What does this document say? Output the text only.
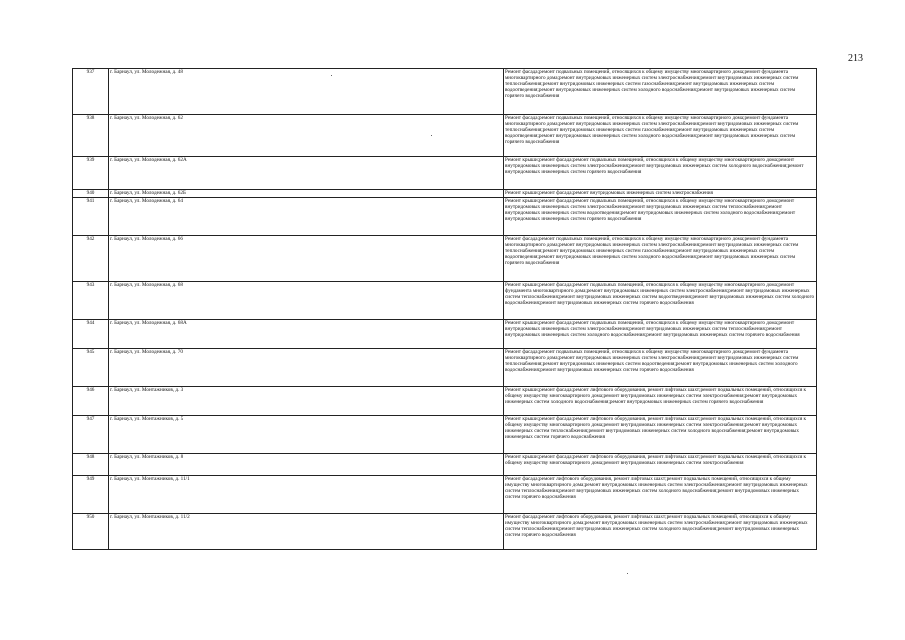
213
937	г. Барнаул, ул. Молодежная, д. 48	Ремонт фасада;ремонт подвальных помещений, относящихся к общему имуществу многоквартирного дома;ремонт фундамента многоквартирного дома;ремонт внутридомовых инженерных систем электроснабжения;ремонт внутридомовых инженерных систем теплоснабжения;ремонт внутридомовых инженерных систем газоснабжения;ремонт внутридомовых инженерных систем водоотведения;ремонт внутридомовых инженерных систем холодного водоснабжения;ремонт внутридомовых инженерных систем горячего водоснабжения
938	г. Барнаул, ул. Молодежная, д. 62	Ремонт фасада;ремонт подвальных помещений, относящихся к общему имуществу многоквартирного дома;ремонт фундамента многоквартирного дома;ремонт внутридомовых инженерных систем электроснабжения;ремонт внутридомовых инженерных систем теплоснабжения;ремонт внутридомовых инженерных систем газоснабжения;ремонт внутридомовых инженерных систем водоотведения;ремонт внутридомовых инженерных систем холодного водоснабжения;ремонт внутридомовых инженерных систем горячего водоснабжения
939	г. Барнаул, ул. Молодежная, д. 62А	Ремонт крыши;ремонт фасада;ремонт подвальных помещений, относящихся к общему имуществу многоквартирного дома;ремонт внутридомовых инженерных систем электроснабжения;ремонт внутридомовых инженерных систем холодного водоснабжения;ремонт внутридомовых инженерных систем горячего водоснабжения
940	г. Барнаул, ул. Молодежная, д. 62Б	Ремонт крыши;ремонт фасада;ремонт внутридомовых инженерных систем электроснабжения
941	г. Барнаул, ул. Молодежная, д. 64	Ремонт крыши;ремонт фасада;ремонт подвальных помещений, относящихся к общему имуществу многоквартирного дома;ремонт внутридомовых инженерных систем электроснабжения;ремонт внутридомовых инженерных систем теплоснабжения;ремонт внутридомовых инженерных систем водоотведения;ремонт внутридомовых инженерных систем холодного водоснабжения;ремонт внутридомовых инженерных систем горячего водоснабжения
942	г. Барнаул, ул. Молодежная, д. 66	Ремонт фасада;ремонт подвальных помещений, относящихся к общему имуществу многоквартирного дома;ремонт фундамента многоквартирного дома;ремонт внутридомовых инженерных систем электроснабжения;ремонт внутридомовых инженерных систем теплоснабжения;ремонт внутридомовых инженерных систем газоснабжения;ремонт внутридомовых инженерных систем водоотведения;ремонт внутридомовых инженерных систем холодного водоснабжения;ремонт внутридомовых инженерных систем горячего водоснабжения
943	г. Барнаул, ул. Молодежная, д. 68	Ремонт крыши;ремонт фасада;ремонт подвальных помещений, относящихся к общему имуществу многоквартирного дома;ремонт фундамента многоквартирного дома;ремонт внутридомовых инженерных систем электроснабжения;ремонт внутридомовых инженерных систем теплоснабжения;ремонт внутридомовых инженерных систем водоотведения;ремонт внутридомовых инженерных систем холодного водоснабжения;ремонт внутридомовых инженерных систем горячего водоснабжения
944	г. Барнаул, ул. Молодежная, д. 68А	Ремонт крыши;ремонт фасада;ремонт подвальных помещений, относящихся к общему имуществу многоквартирного дома;ремонт внутридомовых инженерных систем электроснабжения;ремонт внутридомовых инженерных систем теплоснабжения;ремонт внутридомовых инженерных систем холодного водоснабжения;ремонт внутридомовых инженерных систем горячего водоснабжения
945	г. Барнаул, ул. Молодежная, д. 70	Ремонт фасада;ремонт подвальных помещений, относящихся к общему имуществу многоквартирного дома;ремонт фундамента многоквартирного дома;ремонт внутридомовых инженерных систем электроснабжения;ремонт внутридомовых инженерных систем теплоснабжения;ремонт внутридомовых инженерных систем водоотведения;ремонт внутридомовых инженерных систем холодного водоснабжения;ремонт внутридомовых инженерных систем горячего водоснабжения
946	г. Барнаул, ул. Монтажников, д. 3	Ремонт крыши;ремонт фасада;ремонт лифтового оборудования, ремонт лифтовых шахт;ремонт подвальных помещений, относящихся к общему имуществу многоквартирного дома;ремонт внутридомовых инженерных систем электроснабжения;ремонт внутридомовых инженерных систем холодного водоснабжения;ремонт внутридомовых инженерных систем горячего водоснабжения
947	г. Барнаул, ул. Монтажников, д. 5	Ремонт крыши;ремонт фасада;ремонт лифтового оборудования, ремонт лифтовых шахт;ремонт подвальных помещений, относящихся к общему имуществу многоквартирного дома;ремонт внутридомовых инженерных систем электроснабжения;ремонт внутридомовых инженерных систем теплоснабжения;ремонт внутридомовых инженерных систем холодного водоснабжения;ремонт внутридомовых инженерных систем горячего водоснабжения
948	г. Барнаул, ул. Монтажников, д. 8	Ремонт крыши;ремонт фасада;ремонт лифтового оборудования, ремонт лифтовых шахт;ремонт подвальных помещений, относящихся к общему имуществу многоквартирного дома;ремонт внутридомовых инженерных систем электроснабжения
949	г. Барнаул, ул. Монтажников, д. 11/1	Ремонт фасада;ремонт лифтового оборудования, ремонт лифтовых шахт;ремонт подвальных помещений, относящихся к общему имуществу многоквартирного дома;ремонт внутридомовых инженерных систем электроснабжения;ремонт внутридомовых инженерных систем теплоснабжения;ремонт внутридомовых инженерных систем холодного водоснабжения;ремонт внутридомовых инженерных систем горячего водоснабжения
950	г. Барнаул, ул. Монтажников, д. 11/2	Ремонт фасада;ремонт лифтового оборудования, ремонт лифтовых шахт;ремонт подвальных помещений, относящихся к общему имуществу многоквартирного дома;ремонт внутридомовых инженерных систем электроснабжения;ремонт внутридомовых инженерных систем теплоснабжения;ремонт внутридомовых инженерных систем холодного водоснабжения;ремонт внутридомовых инженерных систем горячего водоснабжения
